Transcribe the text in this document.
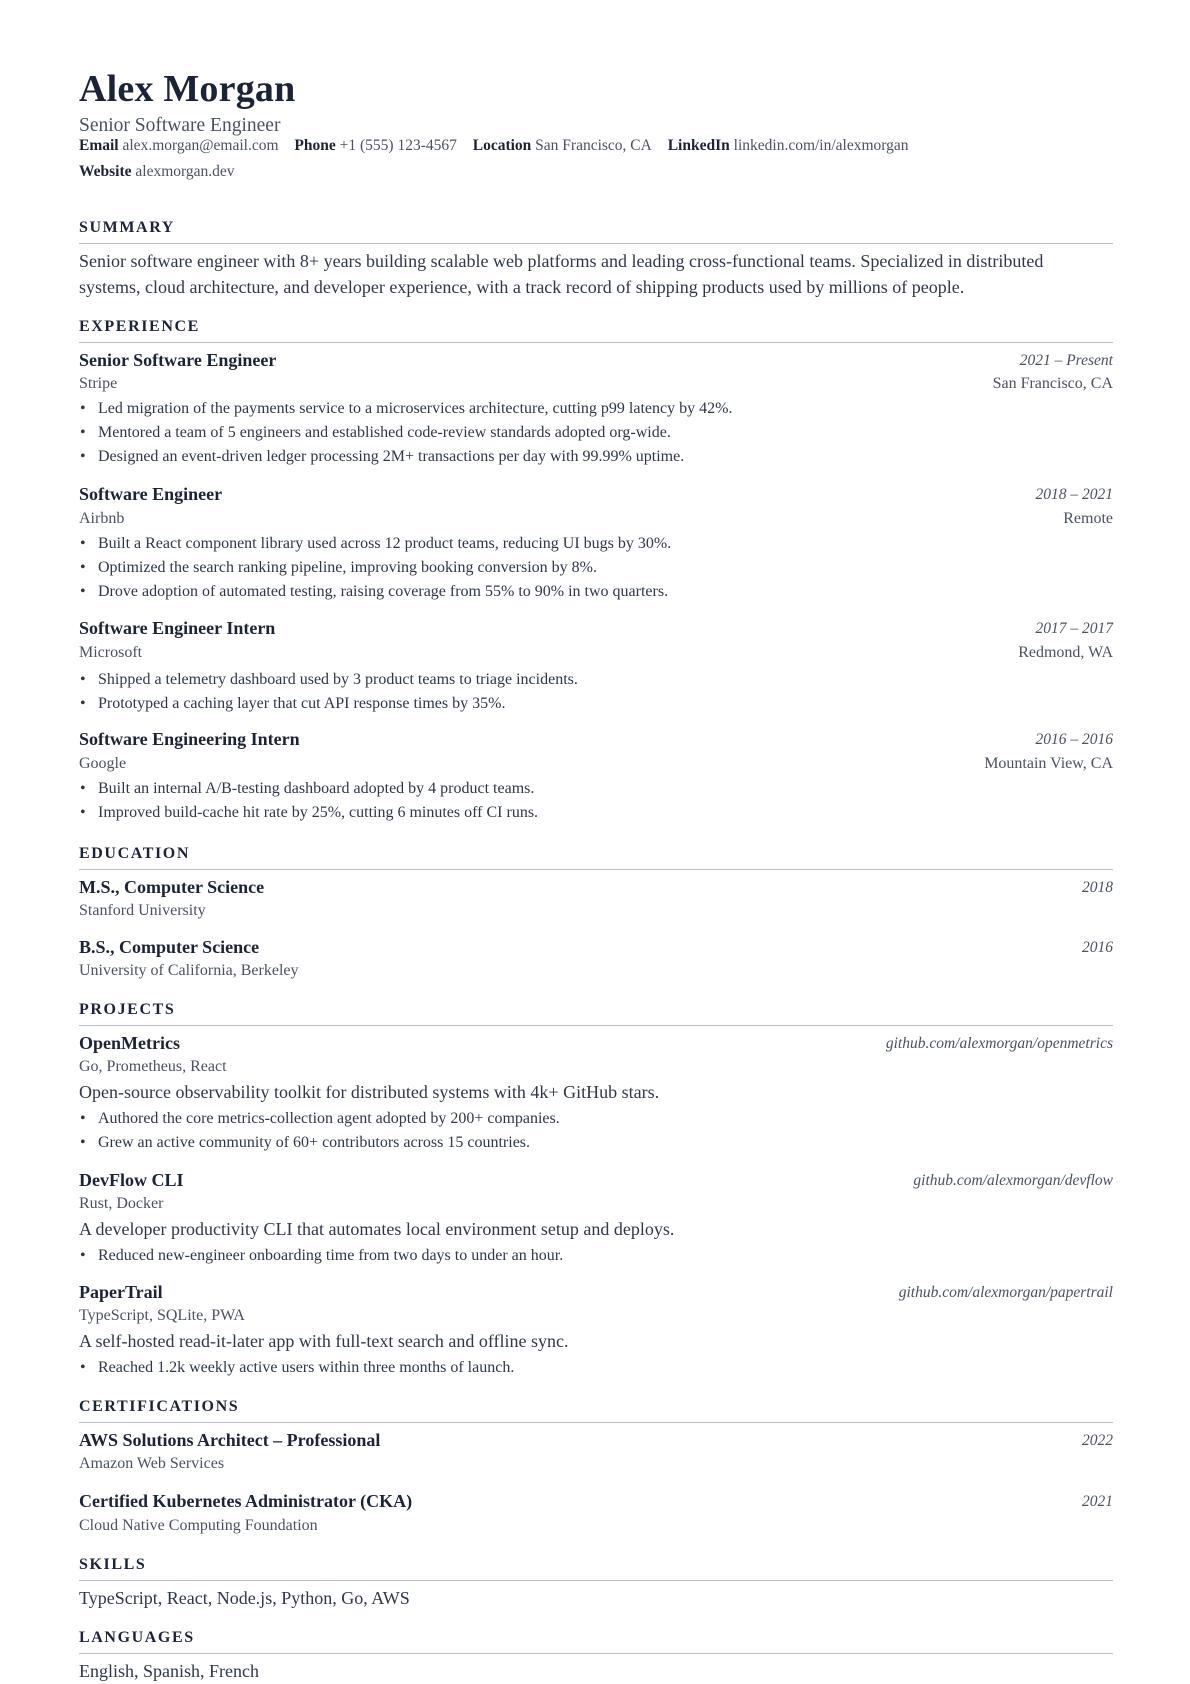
Alex Morgan
Senior Software Engineer
Email alex.morgan@email.com Phone +1 (555) 123-4567 Location San Francisco, CA LinkedIn linkedin.com/in/alexmorgan
Website alexmorgan.dev
SUMMARY
Senior software engineer with 8+ years building scalable web platforms and leading cross-functional teams. Specialized in distributed
systems, cloud architecture, and developer experience, with a track record of shipping products used by millions of people.
EXPERIENCE
Senior Software Engineer	2021 – Present
Stripe	San Francisco, CA
• Led migration of the payments service to a microservices architecture, cutting p99 latency by 42%.
• Mentored a team of 5 engineers and established code-review standards adopted org-wide.
• Designed an event-driven ledger processing 2M+ transactions per day with 99.99% uptime.
Software Engineer	2018 – 2021
Airbnb	Remote
• Built a React component library used across 12 product teams, reducing UI bugs by 30%.
• Optimized the search ranking pipeline, improving booking conversion by 8%.
• Drove adoption of automated testing, raising coverage from 55% to 90% in two quarters.
Software Engineer Intern	2017 – 2017
Microsoft	Redmond, WA
• Shipped a telemetry dashboard used by 3 product teams to triage incidents.
• Prototyped a caching layer that cut API response times by 35%.
Software Engineering Intern	2016 – 2016
Google	Mountain View, CA
• Built an internal A/B-testing dashboard adopted by 4 product teams.
• Improved build-cache hit rate by 25%, cutting 6 minutes off CI runs.
EDUCATION
M.S., Computer Science	2018
Stanford University
B.S., Computer Science	2016
University of California, Berkeley
PROJECTS
OpenMetrics	github.com/alexmorgan/openmetrics
Go, Prometheus, React
Open-source observability toolkit for distributed systems with 4k+ GitHub stars.
• Authored the core metrics-collection agent adopted by 200+ companies.
• Grew an active community of 60+ contributors across 15 countries.
DevFlow CLI	github.com/alexmorgan/devflow
Rust, Docker
A developer productivity CLI that automates local environment setup and deploys.
• Reduced new-engineer onboarding time from two days to under an hour.
PaperTrail	github.com/alexmorgan/papertrail
TypeScript, SQLite, PWA
A self-hosted read-it-later app with full-text search and offline sync.
• Reached 1.2k weekly active users within three months of launch.
CERTIFICATIONS
AWS Solutions Architect – Professional	2022
Amazon Web Services
Certified Kubernetes Administrator (CKA)	2021
Cloud Native Computing Foundation
SKILLS
TypeScript, React, Node.js, Python, Go, AWS
LANGUAGES
English, Spanish, French
